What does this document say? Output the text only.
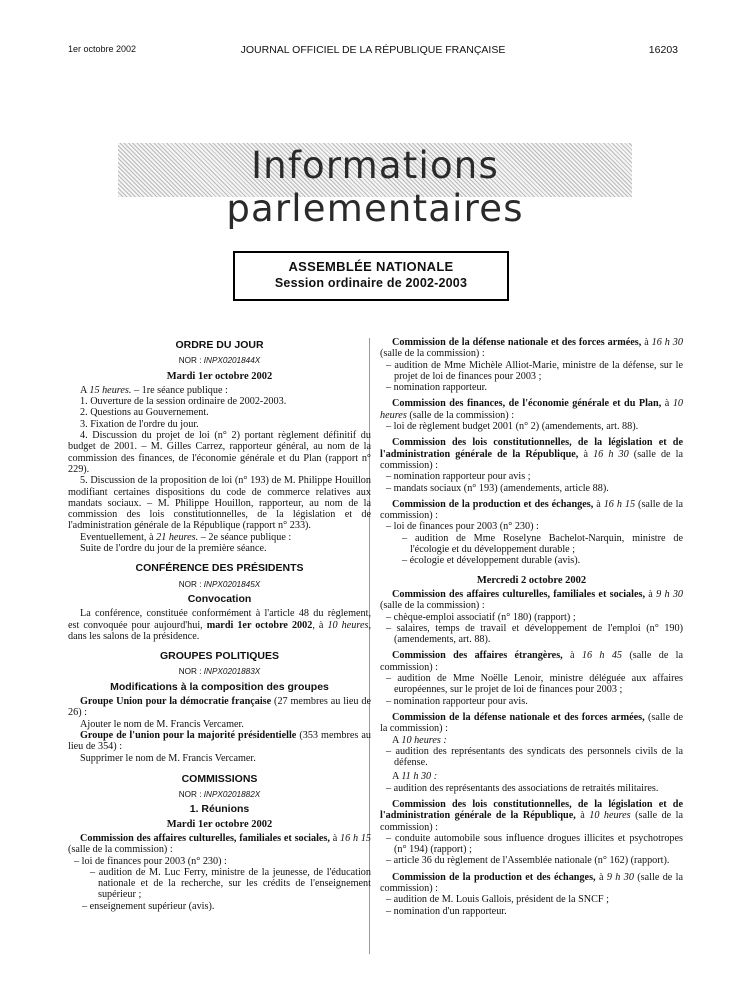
1er octobre 2002	JOURNAL OFFICIEL DE LA RÉPUBLIQUE FRANÇAISE	16203
Informations parlementaires
ASSEMBLÉE NATIONALE
Session ordinaire de 2002-2003
ORDRE DU JOUR
NOR : INPX0201844X
Mardi 1er octobre 2002

A 15 heures. – 1re séance publique :

1. Ouverture de la session ordinaire de 2002-2003.

2. Questions au Gouvernement.

3. Fixation de l'ordre du jour.

4. Discussion du projet de loi (n° 2) portant règlement définitif du budget de 2001. – M. Gilles Carrez, rapporteur général, au nom de la commission des finances, de l'économie générale et du Plan (rapport n° 229).

5. Discussion de la proposition de loi (n° 193) de M. Philippe Houillon modifiant certaines dispositions du code de commerce relatives aux mandats sociaux. – M. Philippe Houillon, rapporteur, au nom de la commission des lois constitutionnelles, de la législation et de l'administration générale de la République (rapport n° 233).

Eventuellement, à 21 heures. – 2e séance publique :

Suite de l'ordre du jour de la première séance.

CONFÉRENCE DES PRÉSIDENTS
NOR : INPX0201845X
Convocation

La conférence, constituée conformément à l'article 48 du règlement, est convoquée pour aujourd'hui, mardi 1er octobre 2002, à 10 heures, dans les salons de la présidence.

GROUPES POLITIQUES
NOR : INPX0201883X
Modifications à la composition des groupes

Groupe Union pour la démocratie française (27 membres au lieu de 26) :

Ajouter le nom de M. Francis Vercamer.

Groupe de l'union pour la majorité présidentielle (353 membres au lieu de 354) :

Supprimer le nom de M. Francis Vercamer.

COMMISSIONS
NOR : INPX0201882X
1. Réunions
Mardi 1er octobre 2002

Commission des affaires culturelles, familiales et sociales, à 16 h 15 (salle de la commission) :

– loi de finances pour 2003 (n° 230) :

– audition de M. Luc Ferry, ministre de la jeunesse, de l'éducation nationale et de la recherche, sur les crédits de l'enseignement supérieur ;

– enseignement supérieur (avis).

Commission de la défense nationale et des forces armées, à 16 h 30 (salle de la commission) :

– audition de Mme Michèle Alliot-Marie, ministre de la défense, sur le projet de loi de finances pour 2003 ;

– nomination rapporteur.

Commission des finances, de l'économie générale et du Plan, à 10 heures (salle de la commission) :

– loi de règlement budget 2001 (n° 2) (amendements, art. 88).

Commission des lois constitutionnelles, de la législation et de l'administration générale de la République, à 16 h 30 (salle de la commission) :

– nomination rapporteur pour avis ;

– mandats sociaux (n° 193) (amendements, article 88).

Commission de la production et des échanges, à 16 h 15 (salle de la commission) :

– loi de finances pour 2003 (n° 230) :

– audition de Mme Roselyne Bachelot-Narquin, ministre de l'écologie et du développement durable ;

– écologie et développement durable (avis).

Mercredi 2 octobre 2002

Commission des affaires culturelles, familiales et sociales, à 9 h 30 (salle de la commission) :

– chèque-emploi associatif (n° 180) (rapport) ;

– salaires, temps de travail et développement de l'emploi (n° 190) (amendements, art. 88).

Commission des affaires étrangères, à 16 h 45 (salle de la commission) :

– audition de Mme Noëlle Lenoir, ministre déléguée aux affaires européennes, sur le projet de loi de finances pour 2003 ;

– nomination rapporteur pour avis.

Commission de la défense nationale et des forces armées, (salle de la commission) :

A 10 heures :

– audition des représentants des syndicats des personnels civils de la défense.

A 11 h 30 :

– audition des représentants des associations de retraités militaires.

Commission des lois constitutionnelles, de la législation et de l'administration générale de la République, à 10 heures (salle de la commission) :

– conduite automobile sous influence drogues illicites et psychotropes (n° 194) (rapport) ;

– article 36 du règlement de l'Assemblée nationale (n° 162) (rapport).

Commission de la production et des échanges, à 9 h 30 (salle de la commission) :

– audition de M. Louis Gallois, président de la SNCF ;

– nomination d'un rapporteur.
